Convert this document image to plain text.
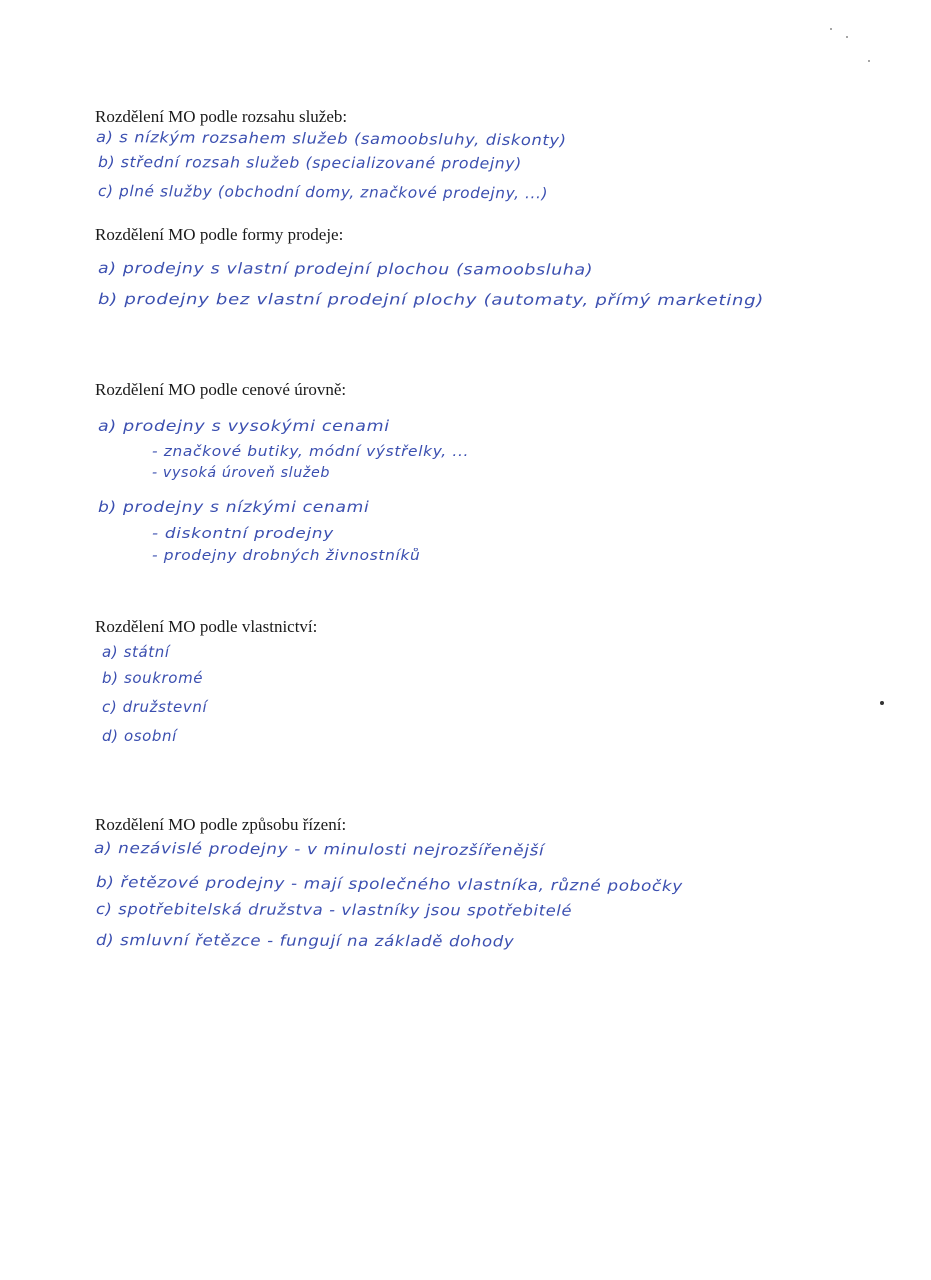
Rozdělení MO podle rozsahu služeb:
a) s nízkým rozsahem služeb (samoobsluhy, diskonty)
b) střední rozsah služeb (specializované prodejny)
c) plné služby (obchodní domy, značkové prodejny, ...)
Rozdělení MO podle formy prodeje:
a) prodejny s vlastní prodejní plochou (samoobsluha)
b) prodejny bez vlastní prodejní plochy (automaty, přímý marketing)
Rozdělení MO podle cenové úrovně:
a) prodejny s vysokými cenami
- značkové butiky, módní výstřelky, ...
- vysoká úroveň služeb
b) prodejny s nízkými cenami
- diskontní prodejny
- prodejny drobných živnostníků
Rozdělení MO podle vlastnictví:
a) státní
b) soukromé
c) družstevní
d) osobní
Rozdělení MO podle způsobu řízení:
a) nezávislé prodejny - v minulosti nejrozšířenější
b) řetězové prodejny - mají společného vlastníka, různé pobočky
c) spotřebitelská družstva - vlastníky jsou spotřebitelé
d) smluvní řetězce - fungují na základě dohody
